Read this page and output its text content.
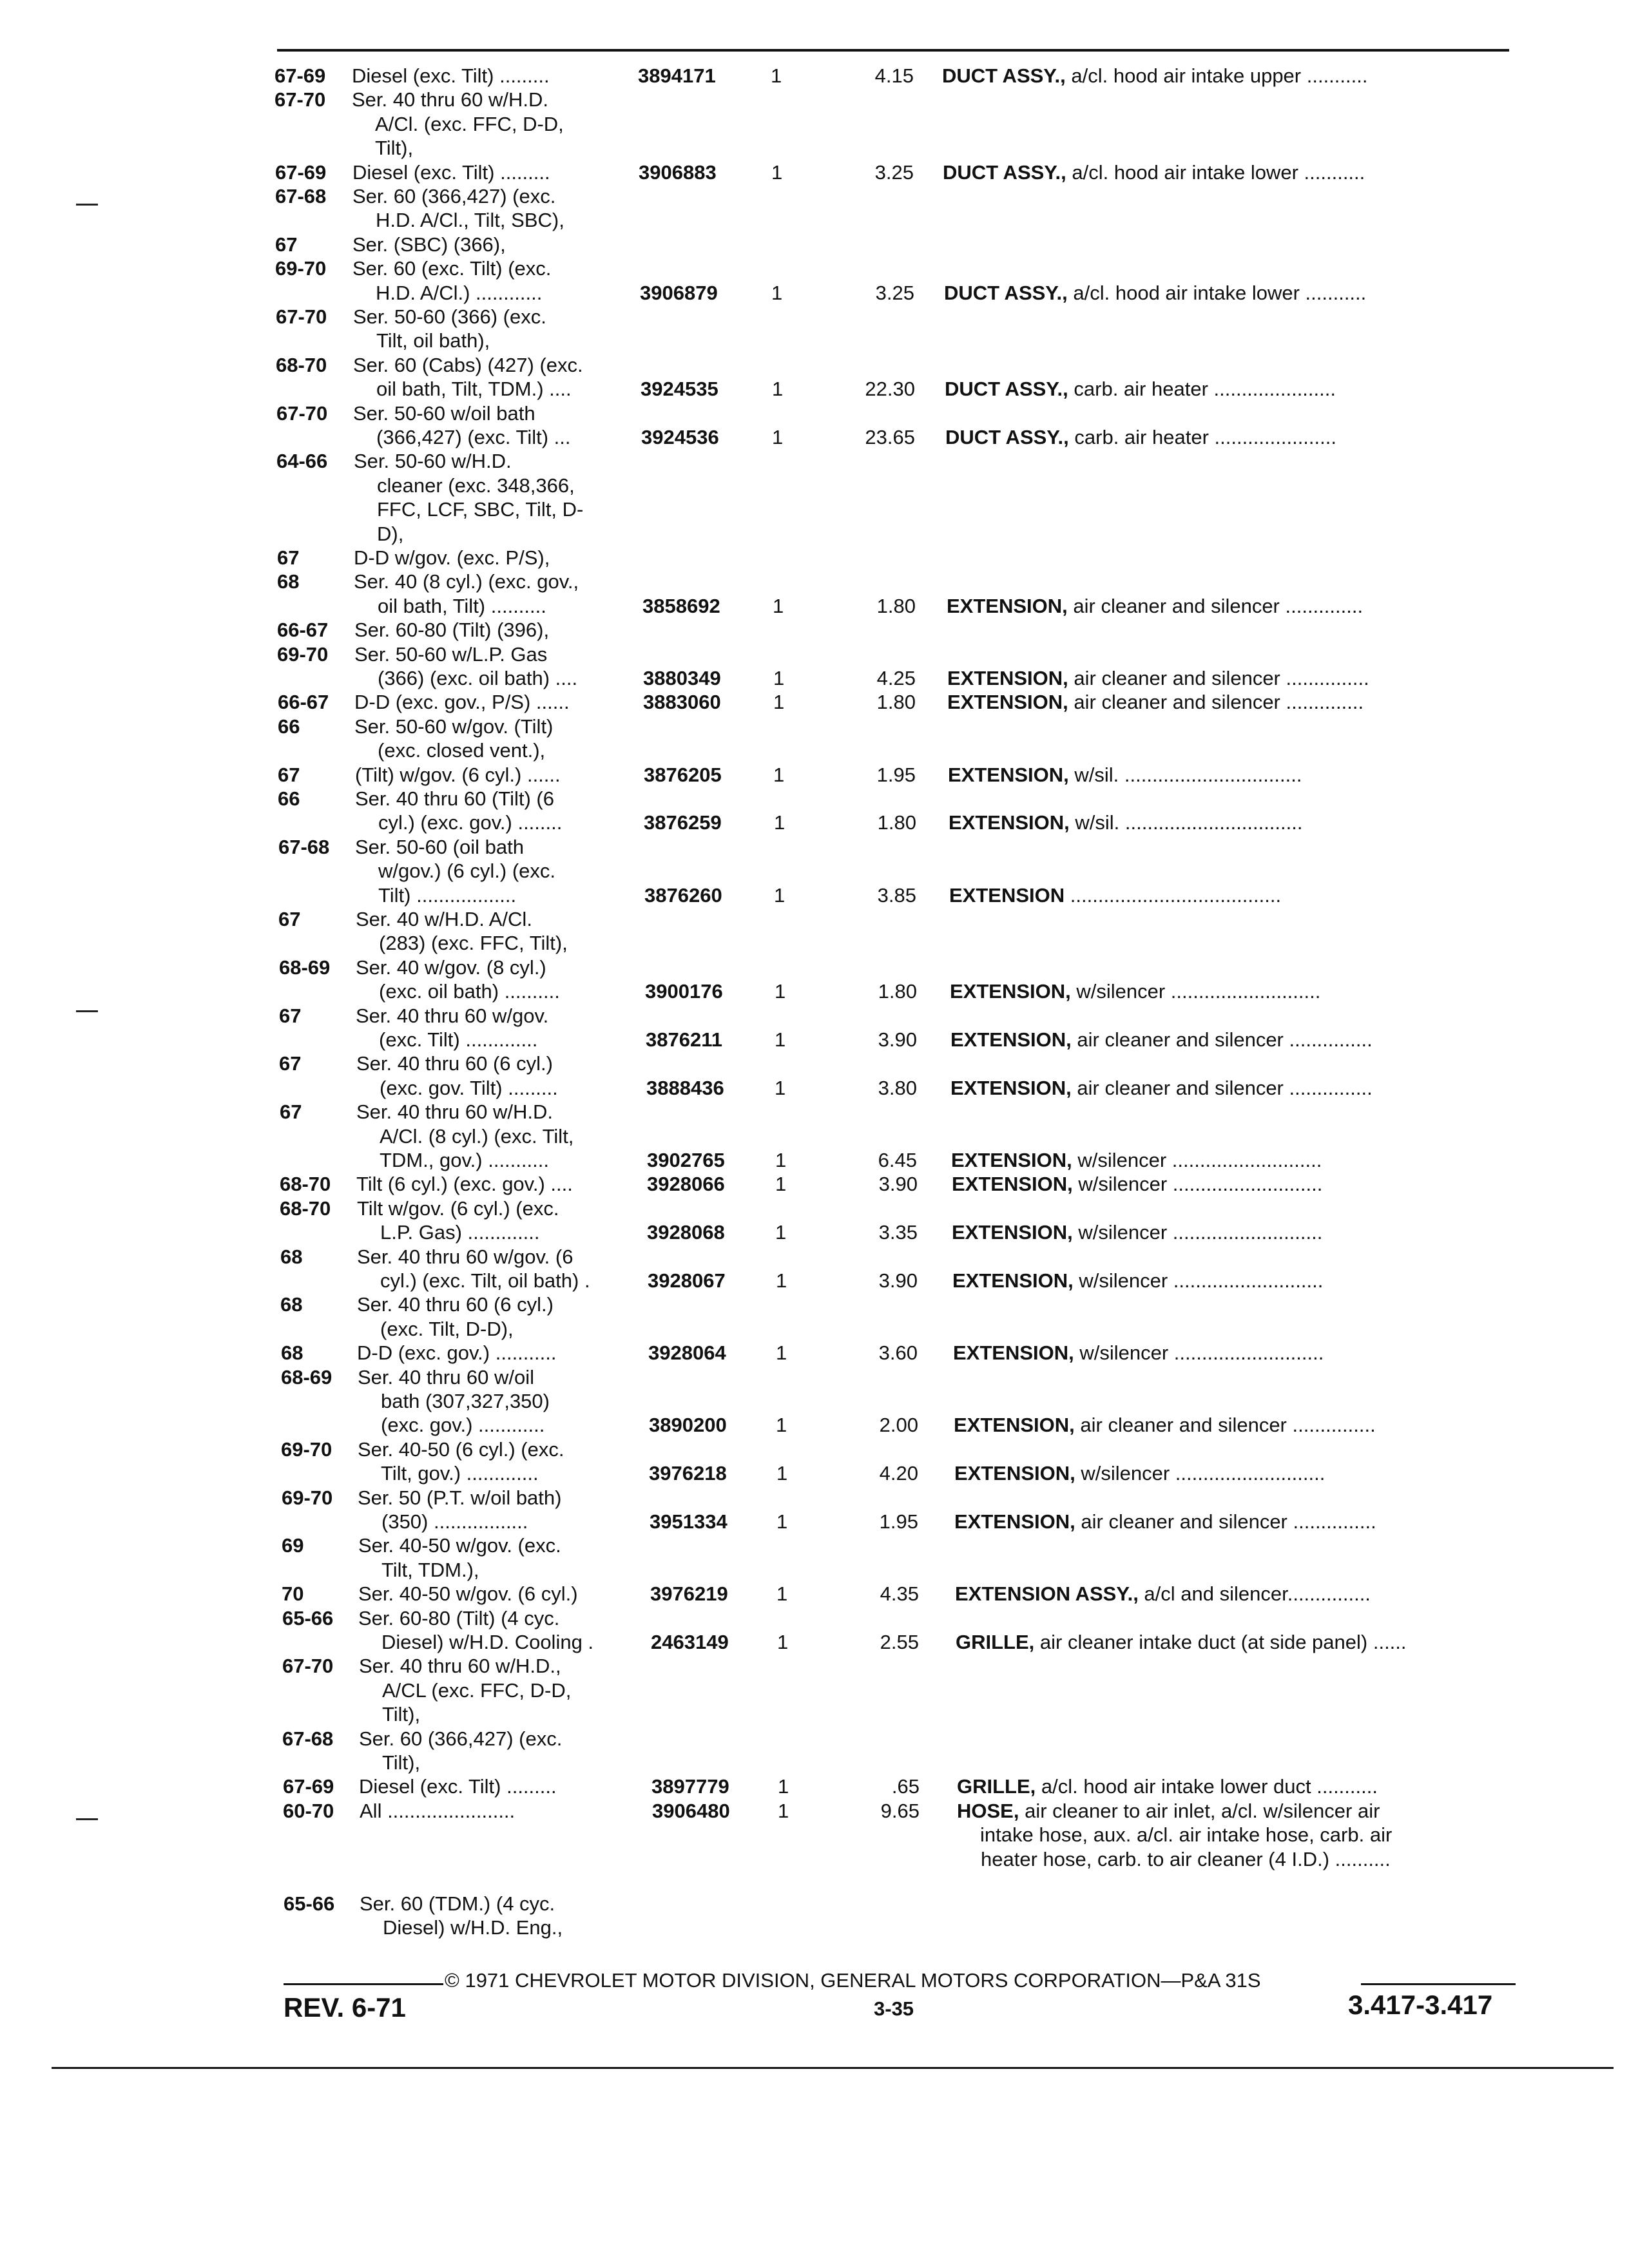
67-69 Diesel (exc. Tilt) .........	3894171	1	4.15 DUCT ASSY., a/cl. hood air intake upper ...........
67-70 Ser. 40 thru 60 w/H.D.
A/Cl. (exc. FFC, D-D,
Tilt),
67-69 Diesel (exc. Tilt) .........	3906883	1	3.25 DUCT ASSY., a/cl. hood air intake lower ...........
67-68 Ser. 60 (366,427) (exc.
H.D. A/Cl., Tilt, SBC),
67	Ser. (SBC) (366),
69-70 Ser. 60 (exc. Tilt) (exc.
H.D. A/Cl.) ............	3906879	1	3.25 DUCT ASSY., a/cl. hood air intake lower ...........
67-70 Ser. 50-60 (366) (exc.
Tilt, oil bath),
68-70 Ser. 60 (Cabs) (427) (exc.
oil bath, Tilt, TDM.) ....	3924535	1	22.30 DUCT ASSY., carb. air heater ......................
67-70 Ser. 50-60 w/oil bath
(366,427) (exc. Tilt) ...	3924536	1	23.65 DUCT ASSY., carb. air heater ......................
64-66 Ser. 50-60 w/H.D.
cleaner (exc. 348,366,
FFC, LCF, SBC, Tilt, D-
D),
67	D-D w/gov. (exc. P/S),
68	Ser. 40 (8 cyl.) (exc. gov.,
oil bath, Tilt) ..........	3858692	1	1.80 EXTENSION, air cleaner and silencer ..............
66-67 Ser. 60-80 (Tilt) (396),
69-70 Ser. 50-60 w/L.P. Gas
(366) (exc. oil bath) ....	3880349	1	4.25 EXTENSION, air cleaner and silencer ...............
66-67 D-D (exc. gov., P/S) ......	3883060	1	1.80 EXTENSION, air cleaner and silencer ..............
66	Ser. 50-60 w/gov. (Tilt)
(exc. closed vent.),
67	(Tilt) w/gov. (6 cyl.) ......	3876205	1	1.95 EXTENSION, w/sil. ................................
66	Ser. 40 thru 60 (Tilt) (6
cyl.) (exc. gov.) ........	3876259	1	1.80 EXTENSION, w/sil. ................................
67-68 Ser. 50-60 (oil bath
w/gov.) (6 cyl.) (exc.
Tilt) ..................	3876260	1	3.85 EXTENSION ......................................
67	Ser. 40 w/H.D. A/Cl.
(283) (exc. FFC, Tilt),
68-69 Ser. 40 w/gov. (8 cyl.)
(exc. oil bath) ..........	3900176	1	1.80 EXTENSION, w/silencer ...........................
67	Ser. 40 thru 60 w/gov.
(exc. Tilt) .............	3876211	1	3.90 EXTENSION, air cleaner and silencer ...............
67	Ser. 40 thru 60 (6 cyl.)
(exc. gov. Tilt) .........	3888436	1	3.80 EXTENSION, air cleaner and silencer ...............
67	Ser. 40 thru 60 w/H.D.
A/Cl. (8 cyl.) (exc. Tilt,
TDM., gov.) ...........	3902765	1	6.45 EXTENSION, w/silencer ...........................
68-70 Tilt (6 cyl.) (exc. gov.) ....	3928066	1	3.90 EXTENSION, w/silencer ...........................
68-70 Tilt w/gov. (6 cyl.) (exc.
L.P. Gas) .............	3928068	1	3.35 EXTENSION, w/silencer ...........................
68	Ser. 40 thru 60 w/gov. (6
cyl.) (exc. Tilt, oil bath) .	3928067	1	3.90 EXTENSION, w/silencer ...........................
68	Ser. 40 thru 60 (6 cyl.)
(exc. Tilt, D-D),
68	D-D (exc. gov.) ...........	3928064 1	3.60 EXTENSION, w/silencer ...........................
68-69 Ser. 40 thru 60 w/oil
bath (307,327,350)
(exc. gov.) ............	3890200 1	2.00 EXTENSION, air cleaner and silencer ...............
69-70 Ser. 40-50 (6 cyl.) (exc.
Tilt, gov.) .............	3976218 1	4.20 EXTENSION, w/silencer ...........................
69-70 Ser. 50 (P.T. w/oil bath)
(350) .................	3951334 1	1.95 EXTENSION, air cleaner and silencer ...............
69	Ser. 40-50 w/gov. (exc.
Tilt, TDM.),
70	Ser. 40-50 w/gov. (6 cyl.)	3976219 1	4.35 EXTENSION ASSY., a/cl and silencer...............
65-66 Ser. 60-80 (Tilt) (4 cyc.
Diesel) w/H.D. Cooling .	2463149 1	2.55 GRILLE, air cleaner intake duct (at side panel) ......
67-70 Ser. 40 thru 60 w/H.D.,
A/CL (exc. FFC, D-D,
Tilt),
67-68 Ser. 60 (366,427) (exc.
Tilt),
67-69 Diesel (exc. Tilt) .........	3897779 1	.65 GRILLE, a/cl. hood air intake lower duct ...........
60-70 All .......................	3906480 1	9.65 HOSE, air cleaner to air inlet, a/cl. w/silencer air
intake hose, aux. a/cl. air intake hose, carb. air
heater hose, carb. to air cleaner (4 I.D.) ..........
65-66 Ser. 60 (TDM.) (4 cyc.
Diesel) w/H.D. Eng.,
© 1971 CHEVROLET MOTOR DIVISION, GENERAL MOTORS CORPORATION—P&A 31S
REV. 6-71	3-35	3.417-3.417
